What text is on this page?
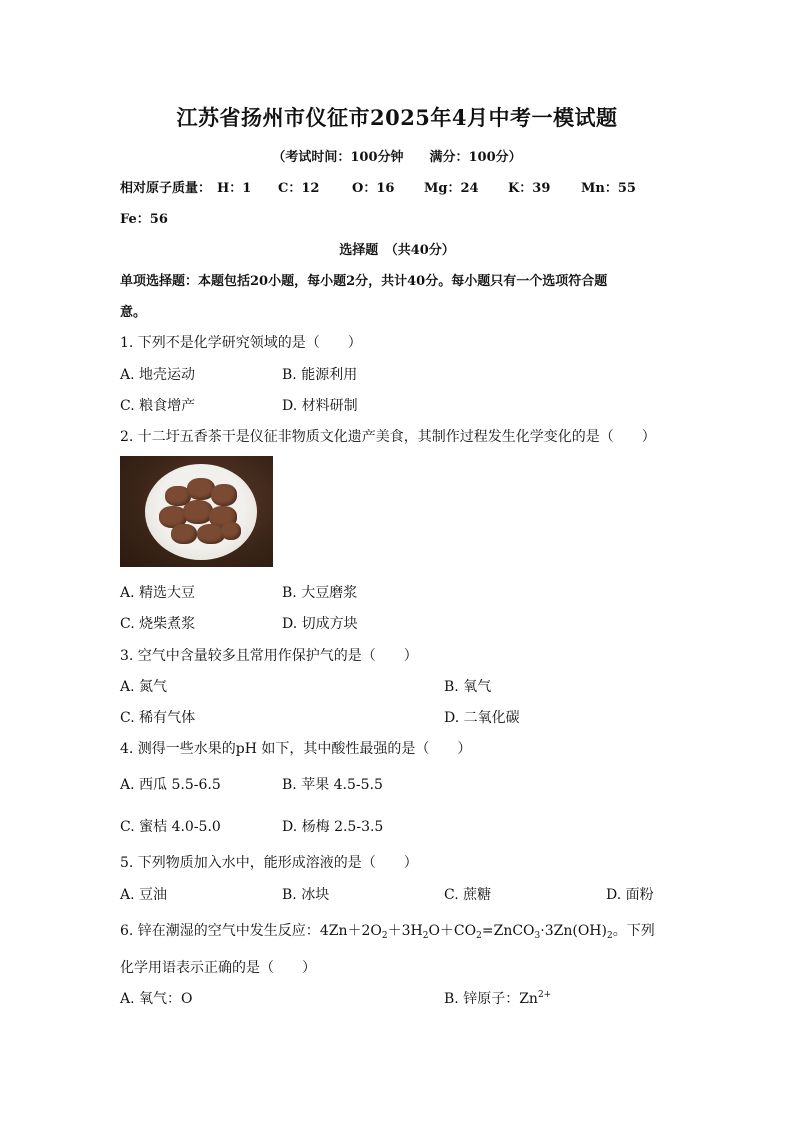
江苏省扬州市仪征市2025年4月中考一模试题
（考试时间：100分钟　　满分：100分）
相对原子质量： H：1 C：12	O：16 Mg：24 K：39 Mn：55
Fe：56
选择题　（共40分）
单项选择题：本题包括20小题，每小题2分，共计40分。每小题只有一个选项符合题
意。
1. 下列不是化学研究领域的是（　　）
A. 地壳运动	B. 能源利用
C. 粮食增产	D. 材料研制
2. 十二圩五香茶干是仪征非物质文化遗产美食，其制作过程发生化学变化的是（　　）
A. 精选大豆	B. 大豆磨浆
C. 烧柴煮浆	D. 切成方块
3. 空气中含量较多且常用作保护气的是（　　）
A. 氮气	B. 氧气
C. 稀有气体	D. 二氧化碳
4. 测得一些水果的pH 如下，其中酸性最强的是（　　）
A. 西瓜 5.5-6.5	B. 苹果 4.5-5.5
C. 蜜桔 4.0-5.0	D. 杨梅 2.5-3.5
5. 下列物质加入水中，能形成溶液的是（　　）
A. 豆油	B. 冰块	C. 蔗糖	D. 面粉
6. 锌在潮湿的空气中发生反应：$4Zn+2O_2+3H_2O+CO_2=ZnCO_3\cdot 3Zn(OH)_2$。下列
化学用语表示正确的是（　　）
A. 氧气：O	B. 锌原子：$Zn^{2+}$
